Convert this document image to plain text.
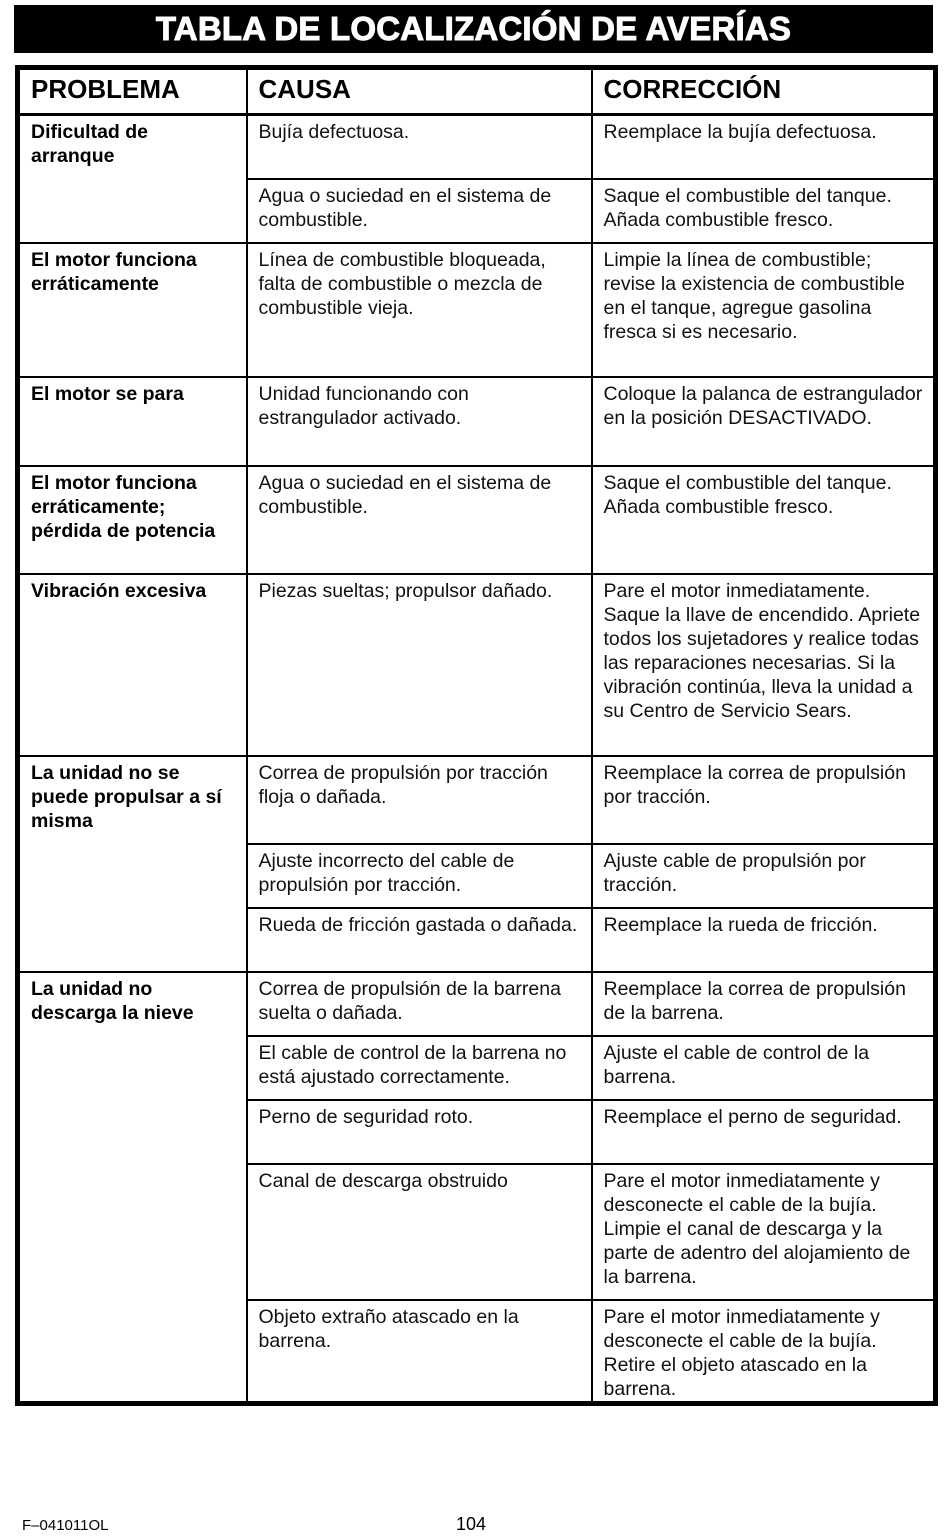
TABLA DE LOCALIZACIÓN DE AVERÍAS
PROBLEMA	CAUSA	CORRECCIÓN
Dificultad de arranque	Bujía defectuosa.	Reemplace la bujía defectuosa.
	Agua o suciedad en el sistema de combustible.	Saque el combustible del tanque. Añada combustible fresco.
El motor funciona erráticamente	Línea de combustible bloqueada, falta de combustible o mezcla de combustible vieja.	Limpie la línea de combustible; revise la existencia de combustible en el tanque, agregue gasolina fresca si es necesario.
El motor se para	Unidad funcionando con estrangulador activado.	Coloque la palanca de estrangulador en la posición DESACTIVADO.
El motor funciona erráticamente; pérdida de potencia	Agua o suciedad en el sistema de combustible.	Saque el combustible del tanque. Añada combustible fresco.
Vibración excesiva	Piezas sueltas; propulsor dañado.	Pare el motor inmediatamente. Saque la llave de encendido. Apriete todos los sujetadores y realice todas las reparaciones necesarias. Si la vibración continúa, lleva la unidad a su Centro de Servicio Sears.
La unidad no se puede propulsar a sí misma	Correa de propulsión por tracción floja o dañada.	Reemplace la correa de propulsión por tracción.
	Ajuste incorrecto del cable de propulsión por tracción.	Ajuste cable de propulsión por tracción.
	Rueda de fricción gastada o dañada.	Reemplace la rueda de fricción.
La unidad no descarga la nieve	Correa de propulsión de la barrena suelta o dañada.	Reemplace la correa de propulsión de la barrena.
	El cable de control de la barrena no está ajustado correctamente.	Ajuste el cable de control de la barrena.
	Perno de seguridad roto.	Reemplace el perno de seguridad.
	Canal de descarga obstruido	Pare el motor inmediatamente y desconecte el cable de la bujía. Limpie el canal de descarga y la parte de adentro del alojamiento de la barrena.
	Objeto extraño atascado en la barrena.	Pare el motor inmediatamente y desconecte el cable de la bujía. Retire el objeto atascado en la barrena.
F–041011OL	104
